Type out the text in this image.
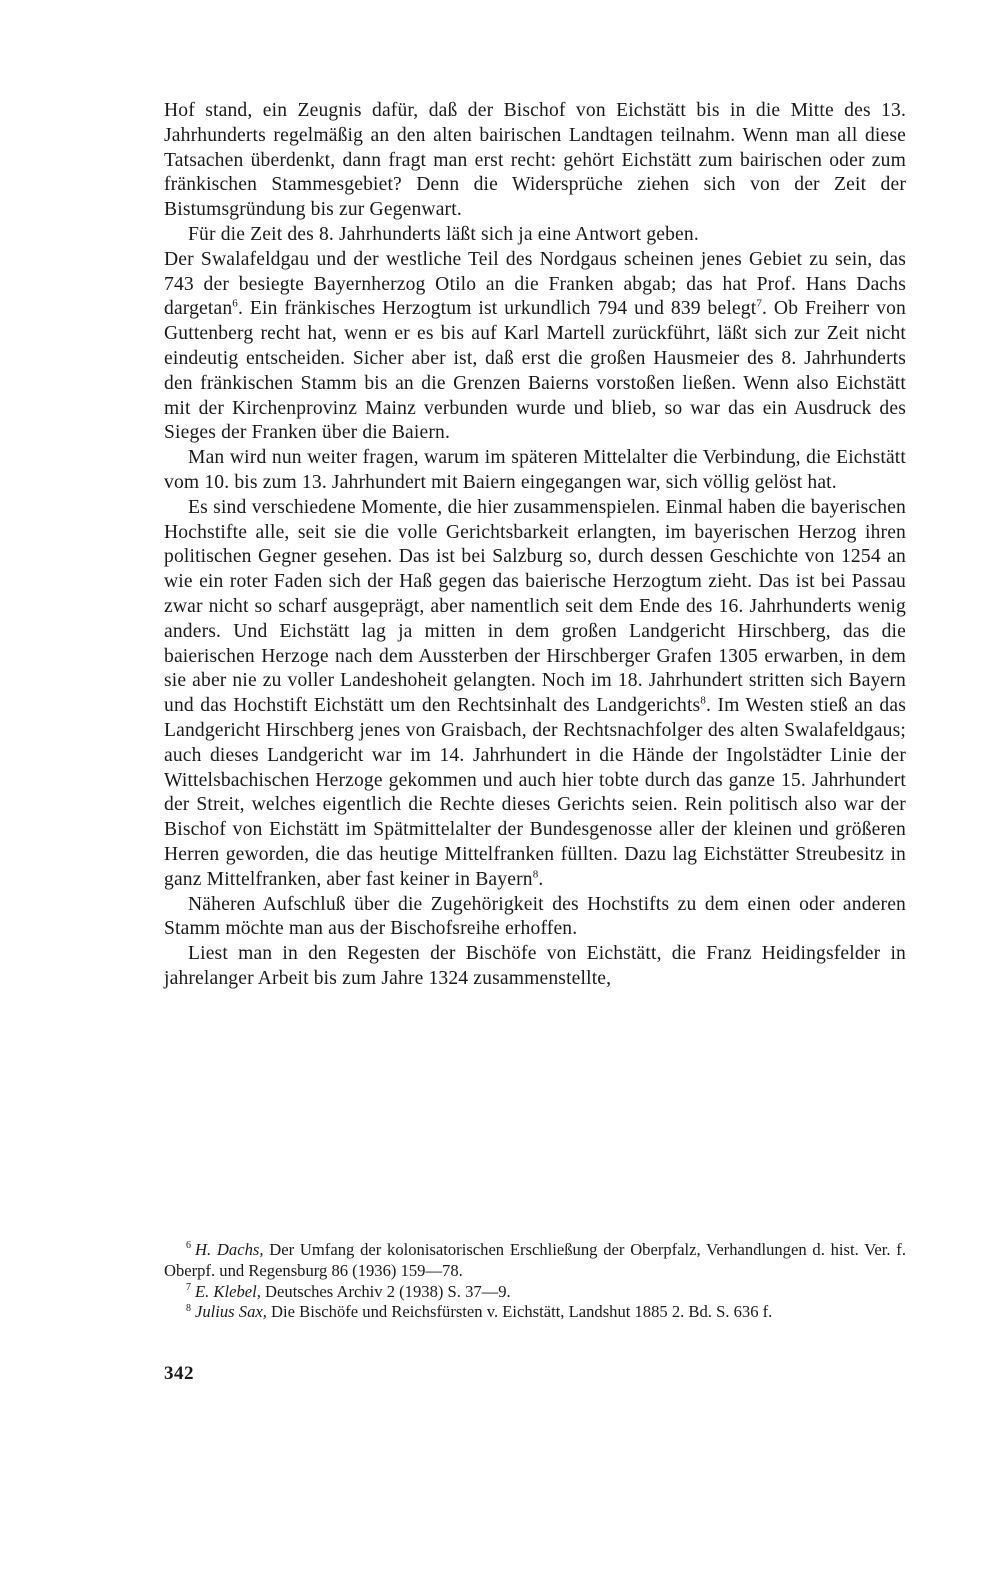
Hof stand, ein Zeugnis dafür, daß der Bischof von Eichstätt bis in die Mitte des 13. Jahrhunderts regelmäßig an den alten bairischen Landtagen teilnahm. Wenn man all diese Tatsachen überdenkt, dann fragt man erst recht: gehört Eichstätt zum bairischen oder zum fränkischen Stammesgebiet? Denn die Widersprüche ziehen sich von der Zeit der Bistumsgründung bis zur Gegenwart.

Für die Zeit des 8. Jahrhunderts läßt sich ja eine Antwort geben.

Der Swalafeldgau und der westliche Teil des Nordgaus scheinen jenes Gebiet zu sein, das 743 der besiegte Bayernherzog Otilo an die Franken abgab; das hat Prof. Hans Dachs dargetan$^6$. Ein fränkisches Herzogtum ist urkundlich 794 und 839 belegt$^7$. Ob Freiherr von Guttenberg recht hat, wenn er es bis auf Karl Martell zurückführt, läßt sich zur Zeit nicht eindeutig entscheiden. Sicher aber ist, daß erst die großen Hausmeier des 8. Jahrhunderts den fränkischen Stamm bis an die Grenzen Baierns vorstoßen ließen. Wenn also Eichstätt mit der Kirchenprovinz Mainz verbunden wurde und blieb, so war das ein Ausdruck des Sieges der Franken über die Baiern.

Man wird nun weiter fragen, warum im späteren Mittelalter die Verbindung, die Eichstätt vom 10. bis zum 13. Jahrhundert mit Baiern eingegangen war, sich völlig gelöst hat.

Es sind verschiedene Momente, die hier zusammenspielen. Einmal haben die bayerischen Hochstifte alle, seit sie die volle Gerichtsbarkeit erlangten, im bayerischen Herzog ihren politischen Gegner gesehen. Das ist bei Salzburg so, durch dessen Geschichte von 1254 an wie ein roter Faden sich der Haß gegen das baierische Herzogtum zieht. Das ist bei Passau zwar nicht so scharf ausgeprägt, aber namentlich seit dem Ende des 16. Jahrhunderts wenig anders. Und Eichstätt lag ja mitten in dem großen Landgericht Hirschberg, das die baierischen Herzoge nach dem Aussterben der Hirschberger Grafen 1305 erwarben, in dem sie aber nie zu voller Landeshoheit gelangten. Noch im 18. Jahrhundert stritten sich Bayern und das Hochstift Eichstätt um den Rechtsinhalt des Landgerichts$^8$. Im Westen stieß an das Landgericht Hirschberg jenes von Graisbach, der Rechtsnachfolger des alten Swalafeldgaus; auch dieses Landgericht war im 14. Jahrhundert in die Hände der Ingolstädter Linie der Wittelsbachischen Herzoge gekommen und auch hier tobte durch das ganze 15. Jahrhundert der Streit, welches eigentlich die Rechte dieses Gerichts seien. Rein politisch also war der Bischof von Eichstätt im Spätmittelalter der Bundesgenosse aller der kleinen und größeren Herren geworden, die das heutige Mittelfranken füllten. Dazu lag Eichstätter Streubesitz in ganz Mittelfranken, aber fast keiner in Bayern$^8$.

Näheren Aufschluß über die Zugehörigkeit des Hochstifts zu dem einen oder anderen Stamm möchte man aus der Bischofsreihe erhoffen.

Liest man in den Regesten der Bischöfe von Eichstätt, die Franz Heidingsfelder in jahrelanger Arbeit bis zum Jahre 1324 zusammenstellte,

$^6$ H. Dachs, Der Umfang der kolonisatorischen Erschließung der Oberpfalz, Verhandlungen d. hist. Ver. f. Oberpf. und Regensburg 86 (1936) 159—78.

$^7$ E. Klebel, Deutsches Archiv 2 (1938) S. 37—9.

$^8$ Julius Sax, Die Bischöfe und Reichsfürsten v. Eichstätt, Landshut 1885 2. Bd. S. 636 f.

342
